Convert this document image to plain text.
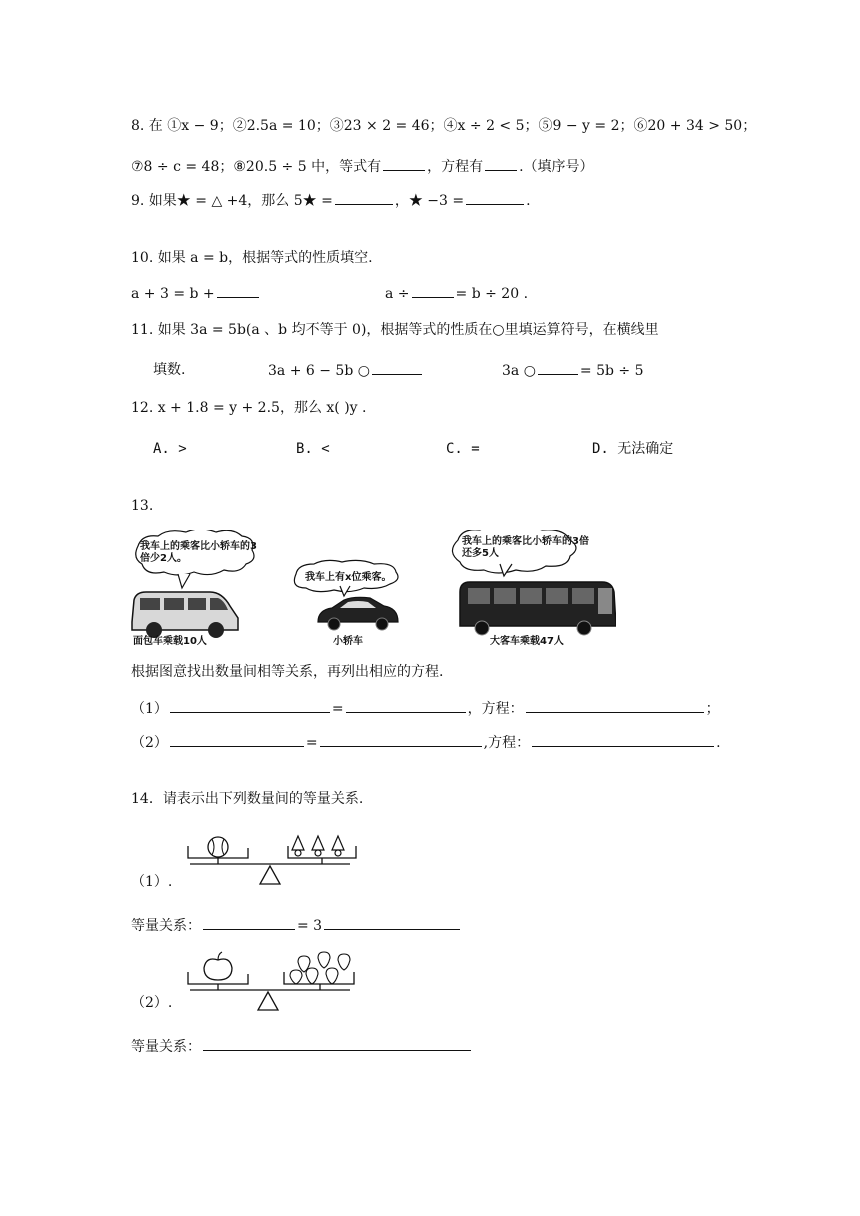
8. 在 ①x − 9；②2.5a = 10；③23 × 2 = 46；④x ÷ 2 < 5；⑤9 − y = 2；⑥20 + 34 > 50；
⑦8 ÷ c = 48；⑧20.5 ÷ 5 中，等式有	，方程有	.（填序号）
9. 如果★ = △ +4，那么 5★ =	，★ −3 =	.
10. 如果 a = b，根据等式的性质填空.
a + 3 = b +	a ÷	= b ÷ 20 .
11. 如果 3a = 5b(a 、b 均不等于 0)，根据等式的性质在○里填运算符号，在横线里
填数.	3a + 6 − 5b ○	3a ○	= 5b ÷ 5
12. x + 1.8 = y + 2.5，那么 x( )y .
A. >	B. <	C. =	D. 无法确定
13.
我车上的乘客比小轿车的3倍少2人。
我车上有x位乘客。
我车上的乘客比小轿车的3倍还多5人
面包车乘载10人	小轿车	大客车乘载47人
根据图意找出数量间相等关系，再列出相应的方程.
（1）	=	，方程：	；
（2）	=	,方程：	.
14．请表示出下列数量间的等量关系.
（1）.
等量关系：	= 3
（2）.
等量关系：
